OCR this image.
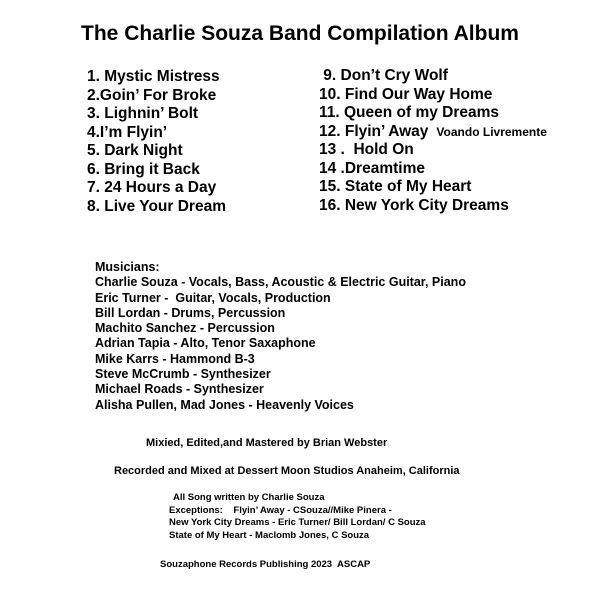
The Charlie Souza Band Compilation Album
1. Mystic Mistress
2.Goin’ For Broke
3. Lighnin’ Bolt
4.I’m Flyin’
5. Dark Night
6. Bring it Back
7. 24 Hours a Day
8. Live Your Dream
9. Don’t Cry Wolf
10. Find Our Way Home
11. Queen of my Dreams
12. Flyin’ Away Voando Livremente
13 .  Hold On
14 .Dreamtime
15. State of My Heart
16. New York City Dreams
Musicians:
Charlie Souza - Vocals, Bass, Acoustic & Electric Guitar, Piano
Eric Turner -  Guitar, Vocals, Production
Bill Lordan - Drums, Percussion
Machito Sanchez - Percussion
Adrian Tapia - Alto, Tenor Saxaphone
Mike Karrs - Hammond B-3
Steve McCrumb - Synthesizer
Michael Roads - Synthesizer
Alisha Pullen, Mad Jones - Heavenly Voices
Mixied, Edited,and Mastered by Brian Webster
Recorded and Mixed at Dessert Moon Studios Anaheim, California
All Song written by Charlie Souza
Exceptions:    Flyin’ Away - CSouza//Mike Pinera -
New York City Dreams - Eric Turner/ Bill Lordan/ C Souza
State of My Heart - Maclomb Jones, C Souza
Souzaphone Records Publishing 2023  ASCAP
